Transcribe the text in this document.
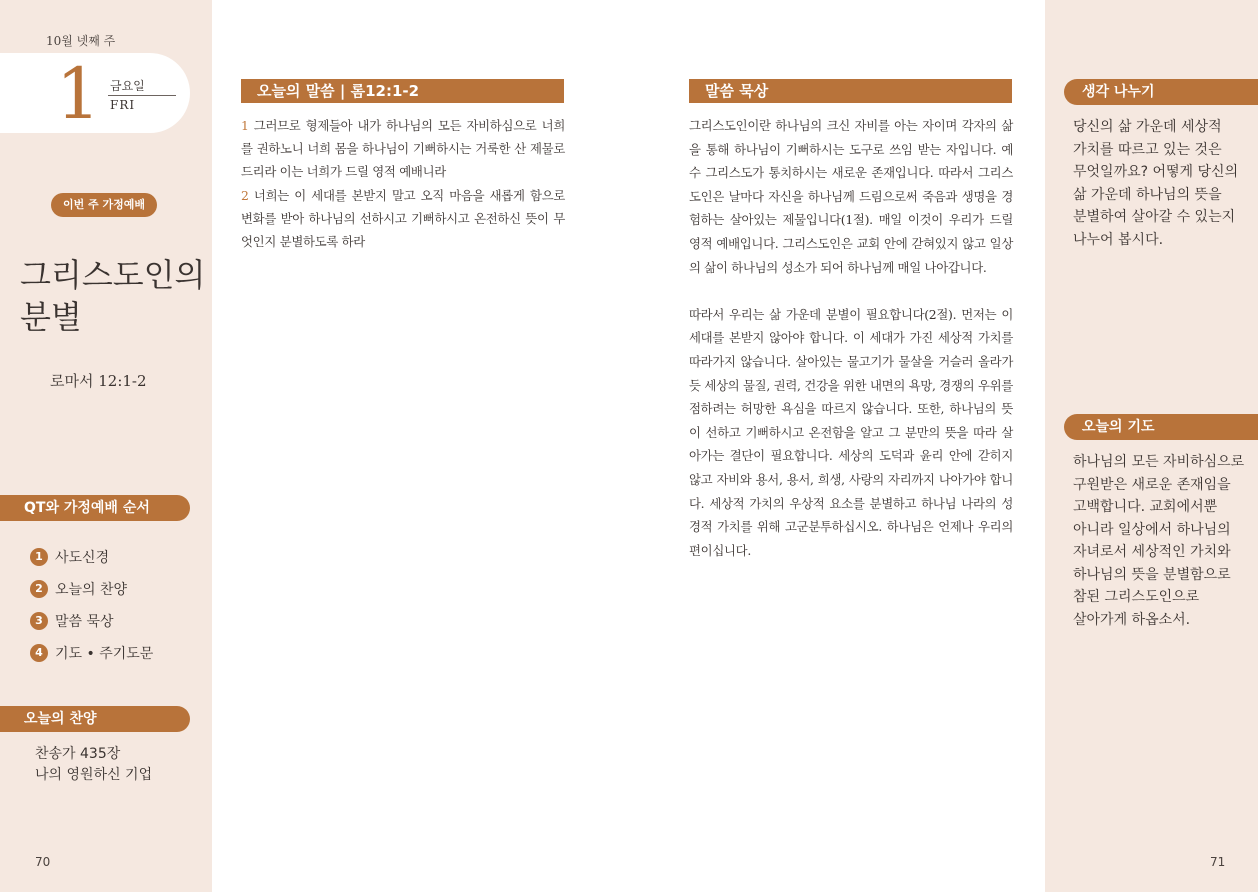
10월 넷째 주
1 금요일
FRI
이번 주 가정예배
그리스도인의
분별
로마서 12:1-2
QT와 가정예배 순서
1 사도신경
2 오늘의 찬양
3 말씀 묵상
4 기도 • 주기도문
오늘의 찬양
찬송가 435장
나의 영원하신 기업
70
오늘의 말씀 | 롬12:1-2
1 그러므로 형제들아 내가 하나님의 모든 자비하심으로 너희를 권하노니 너희 몸을 하나님이 기뻐하시는 거룩한 산 제물로 드리라 이는 너희가 드릴 영적 예배니라
2 너희는 이 세대를 본받지 말고 오직 마음을 새롭게 함으로 변화를 받아 하나님의 선하시고 기뻐하시고 온전하신 뜻이 무엇인지 분별하도록 하라
말씀 묵상

그리스도인이란 하나님의 크신 자비를 아는 자이며 각자의 삶을 통해 하나님이 기뻐하시는 도구로 쓰임 받는 자입니다. 예수 그리스도가 통치하시는 새로운 존재입니다. 따라서 그리스도인은 날마다 자신을 하나님께 드림으로써 죽음과 생명을 경험하는 살아있는 제물입니다(1절). 매일 이것이 우리가 드릴 영적 예배입니다. 그리스도인은 교회 안에 갇혀있지 않고 일상의 삶이 하나님의 성소가 되어 하나님께 매일 나아갑니다.

따라서 우리는 삶 가운데 분별이 필요합니다(2절). 먼저는 이 세대를 본받지 않아야 합니다. 이 세대가 가진 세상적 가치를 따라가지 않습니다. 살아있는 물고기가 물살을 거슬러 올라가듯 세상의 물질, 권력, 건강을 위한 내면의 욕망, 경쟁의 우위를 점하려는 허망한 욕심을 따르지 않습니다. 또한, 하나님의 뜻이 선하고 기뻐하시고 온전함을 알고 그 분만의 뜻을 따라 살아가는 결단이 필요합니다. 세상의 도덕과 윤리 안에 갇히지 않고 자비와 용서, 용서, 희생, 사랑의 자리까지 나아가야 합니다. 세상적 가치의 우상적 요소를 분별하고 하나님 나라의 성경적 가치를 위해 고군분투하십시오. 하나님은 언제나 우리의 편이십니다.

생각 나누기
당신의 삶 가운데 세상적
가치를 따르고 있는 것은
무엇일까요? 어떻게 당신의
삶 가운데 하나님의 뜻을
분별하여 살아갈 수 있는지
나누어 봅시다.
오늘의 기도
하나님의 모든 자비하심으로
구원받은 새로운 존재임을
고백합니다. 교회에서뿐
아니라 일상에서 하나님의
자녀로서 세상적인 가치와
하나님의 뜻을 분별함으로
참된 그리스도인으로
살아가게 하옵소서.
71
